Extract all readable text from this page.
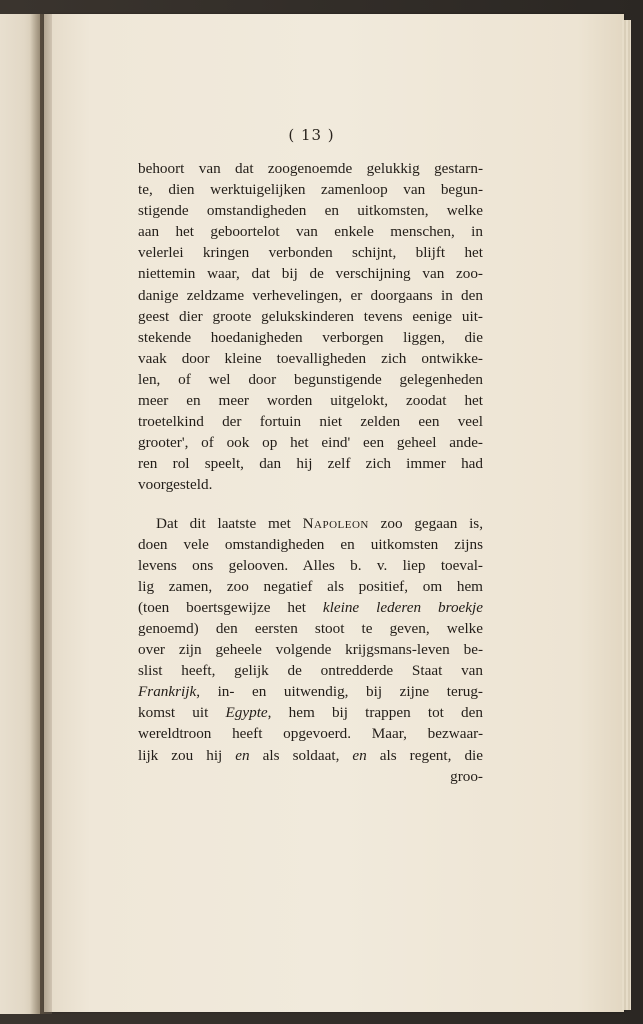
( 13 )
behoort van dat zoogenoemde gelukkig gestarn-
te, dien werktuigelijken zamenloop van begun-
stigende omstandigheden en uitkomsten, welke
aan het geboortelot van enkele menschen, in
velerlei kringen verbonden schijnt, blijft het
niettemin waar, dat bij de verschijning van zoo-
danige zeldzame verhevelingen, er doorgaans in den
geest dier groote gelukskinderen tevens eenige uit-
stekende hoedanigheden verborgen liggen, die
vaak door kleine toevalligheden zich ontwikke-
len, of wel door begunstigende gelegenheden
meer en meer worden uitgelokt, zoodat het
troetelkind der fortuin niet zelden een veel
grooter', of ook op het eind' een geheel ande-
ren rol speelt, dan hij zelf zich immer had
voorgesteld.
Dat dit laatste met Napoleon zoo gegaan is,
doen vele omstandigheden en uitkomsten zijns
levens ons gelooven. Alles b. v. liep toeval-
lig zamen, zoo negatief als positief, om hem
(toen boertsgewijze het kleine lederen broekje
genoemd) den eersten stoot te geven, welke
over zijn geheele volgende krijgsmans-leven be-
slist heeft, gelijk de ontredderde Staat van
Frankrijk, in- en uitwendig, bij zijne terug-
komst uit Egypte, hem bij trappen tot den
wereldtroon heeft opgevoerd. Maar, bezwaar-
lijk zou hij en als soldaat, en als regent, die
groo-
